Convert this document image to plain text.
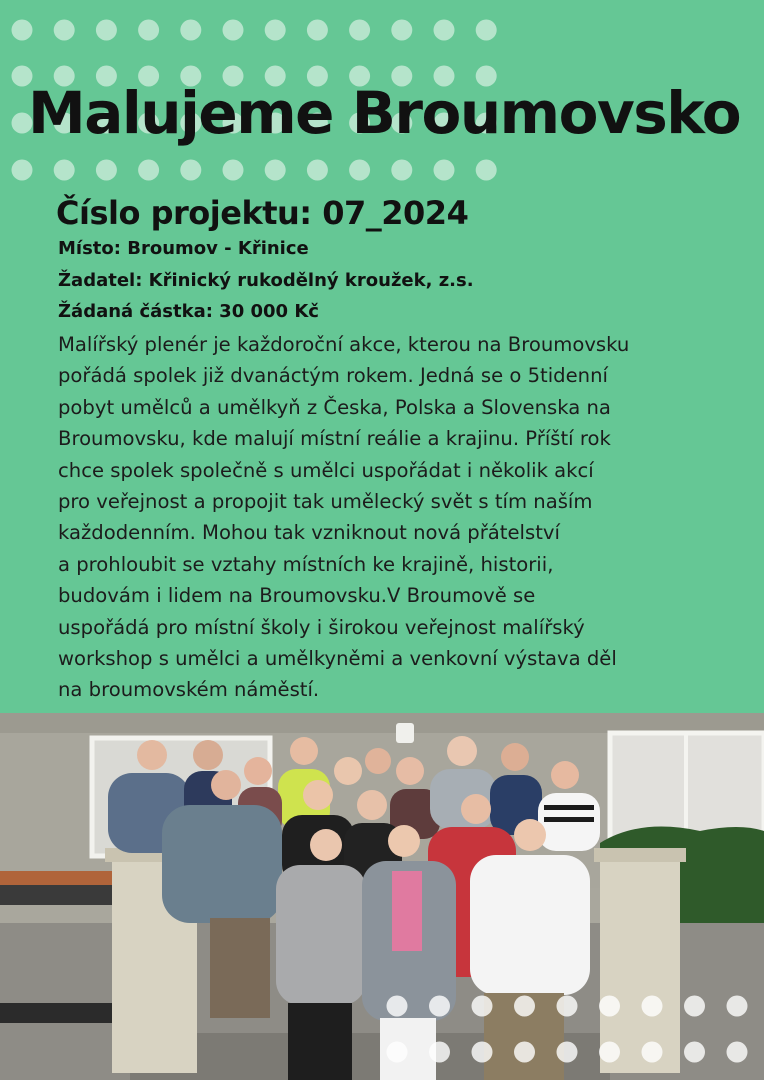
Malujeme Broumovsko
Číslo projektu: 07_2024
Místo: Broumov - Křinice
Žadatel: Křinický rukodělný kroužek, z.s.
Žádaná částka: 30 000 Kč
Malířský plenér je každoroční akce, kterou na Broumovsku
pořádá spolek již dvanáctým rokem. Jedná se o 5tidenní
pobyt umělců a umělkyň z Česka, Polska a Slovenska na
Broumovsku, kde malují místní reálie a krajinu. Příští rok
chce spolek společně s umělci uspořádat i několik akcí
pro veřejnost a propojit tak umělecký svět s tím naším
každodenním. Mohou tak vzniknout nová přátelství
a prohloubit se vztahy místních ke krajině, historii,
budovám i lidem na Broumovsku.V Broumově se
uspořádá pro místní školy i širokou veřejnost malířský
workshop s umělci a umělkyněmi a venkovní výstava děl
na broumovském náměstí.
